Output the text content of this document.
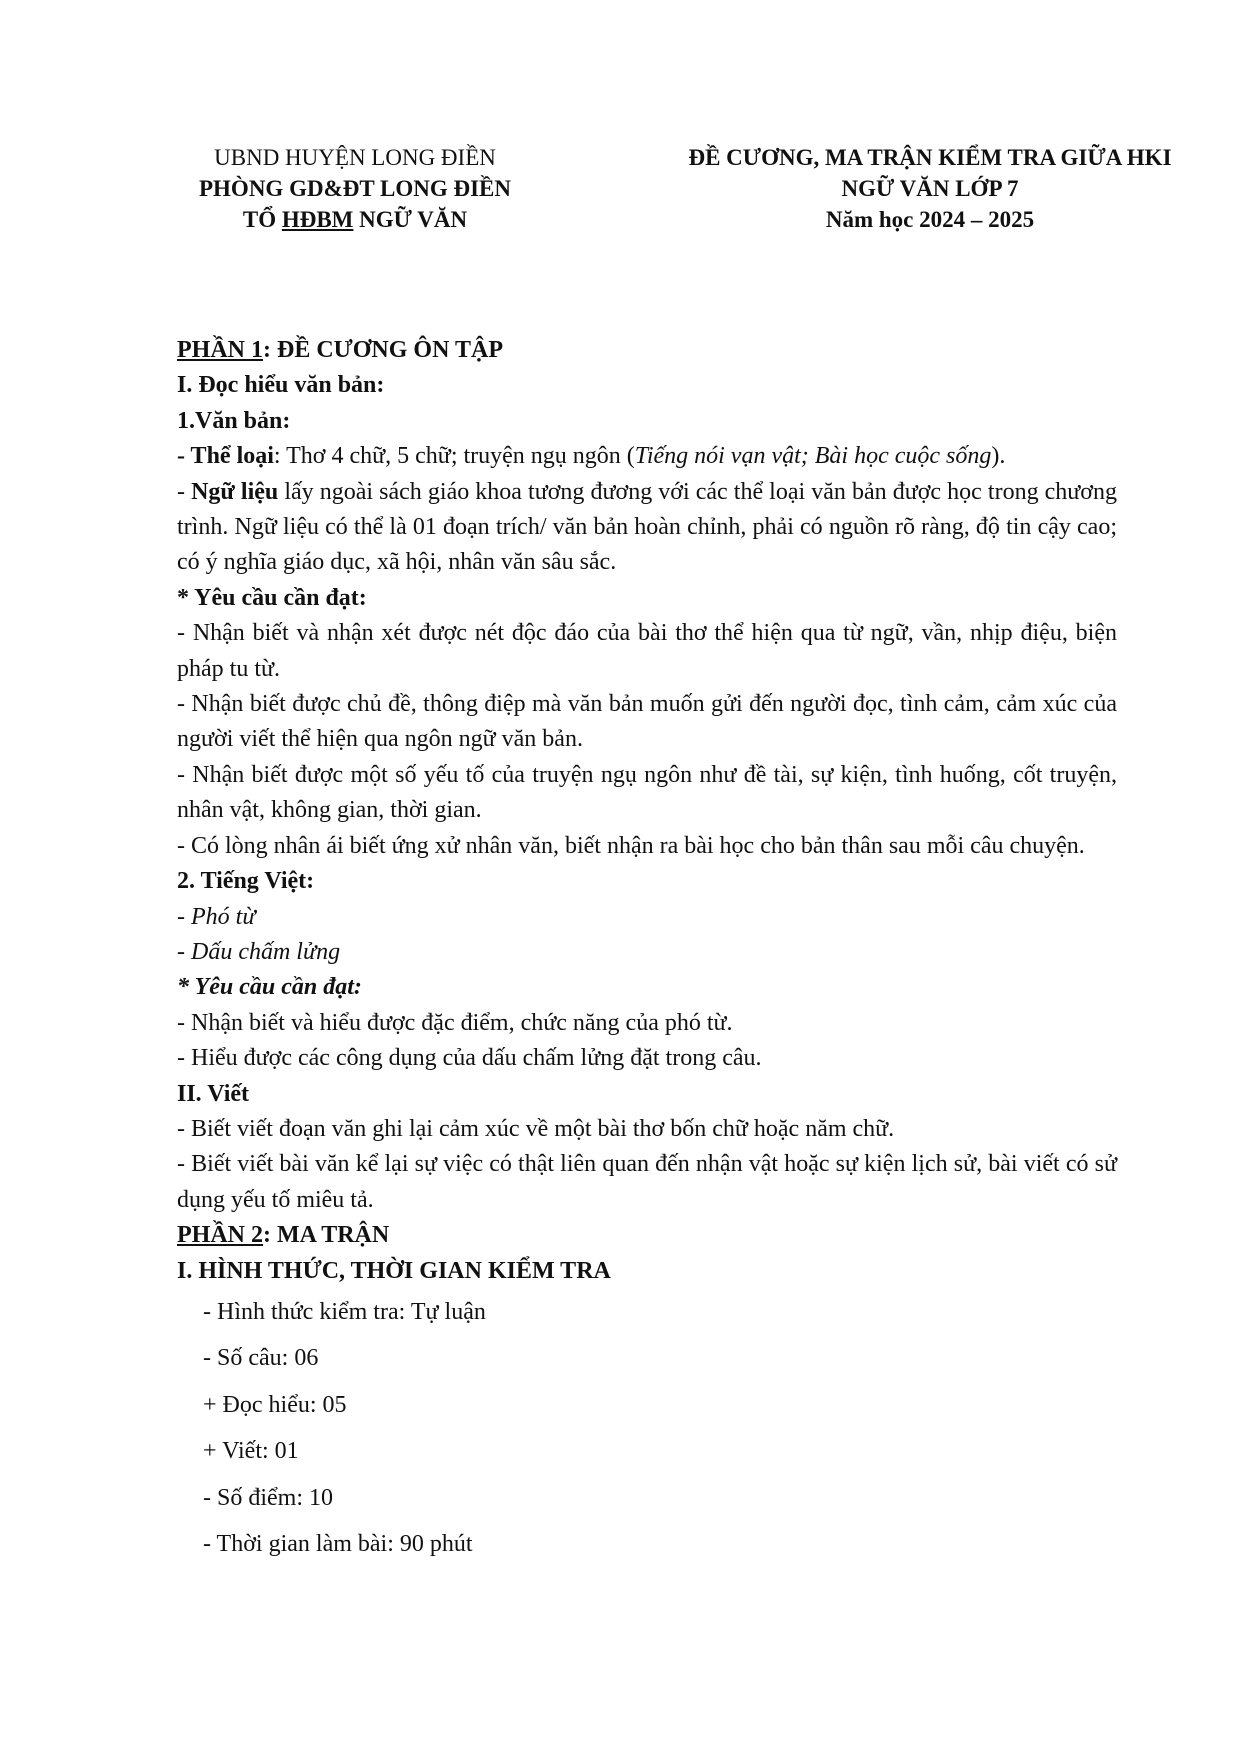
UBND HUYỆN LONG ĐIỀN
PHÒNG GD&ĐT LONG ĐIỀN
TỔ HĐBM NGỮ VĂN
ĐỀ CƯƠNG, MA TRẬN KIỂM TRA GIỮA HKI
NGỮ VĂN LỚP 7
Năm học 2024 – 2025

PHẦN 1: ĐỀ CƯƠNG ÔN TẬP

I. Đọc hiểu văn bản:

1.Văn bản:

- Thể loại: Thơ 4 chữ, 5 chữ; truyện ngụ ngôn (Tiếng nói vạn vật; Bài học cuộc sống).

- Ngữ liệu lấy ngoài sách giáo khoa tương đương với các thể loại văn bản được học trong chương trình. Ngữ liệu có thể là 01 đoạn trích/ văn bản hoàn chỉnh, phải có nguồn rõ ràng, độ tin cậy cao; có ý nghĩa giáo dục, xã hội, nhân văn sâu sắc.

* Yêu cầu cần đạt:

- Nhận biết và nhận xét được nét độc đáo của bài thơ thể hiện qua từ ngữ, vần, nhịp điệu, biện pháp tu từ.

- Nhận biết được chủ đề, thông điệp mà văn bản muốn gửi đến người đọc, tình cảm, cảm xúc của người viết thể hiện qua ngôn ngữ văn bản.

- Nhận biết được một số yếu tố của truyện ngụ ngôn như đề tài, sự kiện, tình huống, cốt truyện, nhân vật, không gian, thời gian.

- Có lòng nhân ái biết ứng xử nhân văn, biết nhận ra bài học cho bản thân sau mỗi câu chuyện.

2. Tiếng Việt:

- Phó từ

- Dấu chấm lửng

* Yêu cầu cần đạt:

- Nhận biết và hiểu được đặc điểm, chức năng của phó từ.

- Hiểu được các công dụng của dấu chấm lửng đặt trong câu.

II. Viết

- Biết viết đoạn văn ghi lại cảm xúc về một bài thơ bốn chữ hoặc năm chữ.

- Biết viết bài văn kể lại sự việc có thật liên quan đến nhận vật hoặc sự kiện lịch sử, bài viết có sử dụng yếu tố miêu tả.

PHẦN 2: MA TRẬN

I. HÌNH THỨC, THỜI GIAN KIỂM TRA

- Hình thức kiểm tra: Tự luận

- Số câu: 06

+ Đọc hiểu: 05

+ Viết: 01

- Số điểm: 10

- Thời gian làm bài: 90 phút
